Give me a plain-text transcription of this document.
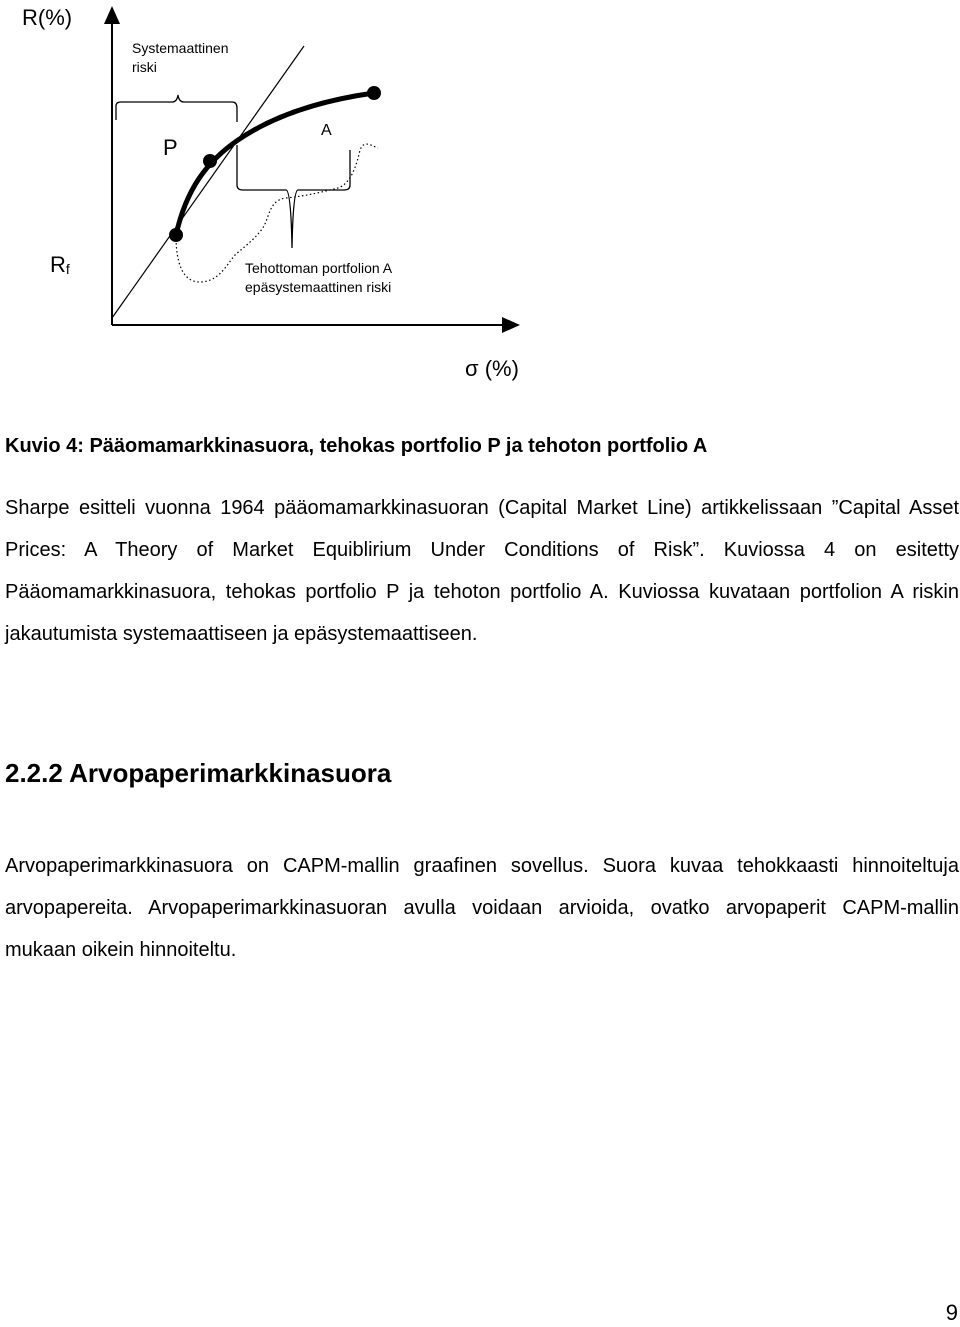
R(%)
σ (%)
Rf
Systemaattinen riski
P
A
Tehottoman portfolion A epäsystemaattinen riski
Kuvio 4: Pääomamarkkinasuora, tehokas portfolio P ja tehoton portfolio A

Sharpe esitteli vuonna 1964 pääomamarkkinasuoran (Capital Market Line) artikkelissaan ”Capital Asset Prices: A Theory of Market Equiblirium Under Conditions of Risk”. Kuviossa 4 on esitetty Pääomamarkkinasuora, tehokas portfolio P ja tehoton portfolio A. Kuviossa kuvataan portfolion A riskin jakautumista systemaattiseen ja epäsystemaattiseen.

2.2.2 Arvopaperimarkkinasuora

Arvopaperimarkkinasuora on CAPM-mallin graafinen sovellus. Suora kuvaa tehokkaasti hinnoiteltuja arvopapereita. Arvopaperimarkkinasuoran avulla voidaan arvioida, ovatko arvopaperit CAPM-mallin mukaan oikein hinnoiteltu.

9
